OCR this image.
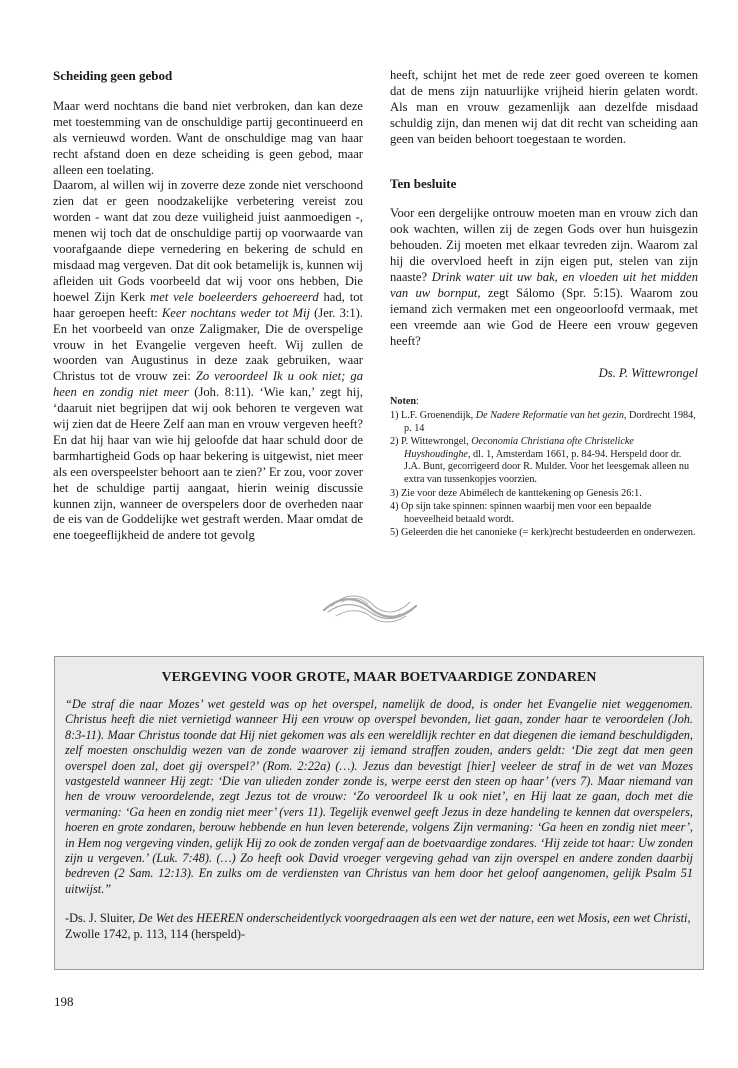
Scheiding geen gebod

Maar werd nochtans die band niet verbroken, dan kan deze met toestemming van de onschuldige partij gecontinueerd en als vernieuwd worden. Want de onschuldige mag van haar recht afstand doen en deze scheiding is geen gebod, maar alleen een toelating.

Daarom, al willen wij in zoverre deze zonde niet verschoond zien dat er geen noodzakelijke verbetering vereist zou worden - want dat zou deze vuiligheid juist aanmoedigen -, menen wij toch dat de onschuldige partij op voorwaarde van voorafgaande diepe vernedering en bekering de schuld en misdaad mag vergeven. Dat dit ook betamelijk is, kunnen wij afleiden uit Gods voorbeeld dat wij voor ons hebben, Die hoewel Zijn Kerk met vele boeleerders gehoereerd had, tot haar geroepen heeft: Keer nochtans weder tot Mij (Jer. 3:1). En het voorbeeld van onze Zaligmaker, Die de overspelige vrouw in het Evangelie vergeven heeft. Wij zullen de woorden van Augustinus in deze zaak gebruiken, waar Christus tot de vrouw zei: Zo veroordeel Ik u ook niet; ga heen en zondig niet meer (Joh. 8:11). ‘Wie kan,’ zegt hij, ‘daaruit niet begrijpen dat wij ook behoren te vergeven wat wij zien dat de Heere Zelf aan man en vrouw vergeven heeft? En dat hij haar van wie hij geloofde dat haar schuld door de barmhartigheid Gods op haar bekering is uitgewist, niet meer als een overspeelster behoort aan te zien?’ Er zou, voor zover het de schuldige partij aangaat, hierin weinig discussie kunnen zijn, wanneer de overspelers door de overheden naar de eis van de Goddelijke wet gestraft werden. Maar omdat de ene toegeeflijkheid de andere tot gevolg

heeft, schijnt het met de rede zeer goed overeen te komen dat de mens zijn natuurlijke vrijheid hierin gelaten wordt. Als man en vrouw gezamenlijk aan dezelfde misdaad schuldig zijn, dan menen wij dat dit recht van scheiding aan geen van beiden behoort toegestaan te worden.

Ten besluite

Voor een dergelijke ontrouw moeten man en vrouw zich dan ook wachten, willen zij de zegen Gods over hun huisgezin behouden. Zij moeten met elkaar tevreden zijn. Waarom zal hij die overvloed heeft in zijn eigen put, stelen van zijn naaste? Drink water uit uw bak, en vloeden uit het midden van uw bornput, zegt Sálomo (Spr. 5:15). Waarom zou iemand zich vermaken met een ongeoorloofd vermaak, met een vreemde aan wie God de Heere een vrouw gegeven heeft?

Ds. P. Wittewrongel

Noten:

1) L.F. Groenendijk, De Nadere Reformatie van het gezin, Dordrecht 1984, p. 14
2) P. Wittewrongel, Oeconomia Christiana ofte Christelicke Huyshoudinghe, dl. 1, Amsterdam 1661, p. 84-94. Herspeld door dr. J.A. Bunt, gecorrigeerd door R. Mulder. Voor het leesgemak alleen nu extra van tussenkopjes voorzien.
3) Zie voor deze Abimélech de kanttekening op Genesis 26:1.
4) Op sijn take spinnen: spinnen waarbij men voor een bepaalde hoeveelheid betaald wordt.
5) Geleerden die het canonieke (= kerk)recht bestudeerden en onderwezen.
VERGEVING VOOR GROTE, MAAR BOETVAARDIGE ZONDAREN

“De straf die naar Mozes’ wet gesteld was op het overspel, namelijk de dood, is onder het Evangelie niet weggenomen. Christus heeft die niet vernietigd wanneer Hij een vrouw op overspel bevonden, liet gaan, zonder haar te veroordelen (Joh. 8:3-11). Maar Christus toonde dat Hij niet gekomen was als een wereldlijk rechter en dat diegenen die iemand beschuldigden, zelf moesten onschuldig wezen van de zonde waarover zij iemand straffen zouden, anders geldt: ‘Die zegt dat men geen overspel doen zal, doet gij overspel?’ (Rom. 2:22a) (…). Jezus dan bevestigt [hier] veeleer de straf in de wet van Mozes vastgesteld wanneer Hij zegt: ‘Die van ulieden zonder zonde is, werpe eerst den steen op haar’ (vers 7). Maar niemand van hen de vrouw veroordelende, zegt Jezus tot de vrouw: ‘Zo veroordeel Ik u ook niet’, en Hij laat ze gaan, doch met die vermaning: ‘Ga heen en zondig niet meer’ (vers 11). Tegelijk evenwel geeft Jezus in deze handeling te kennen dat overspelers, hoeren en grote zondaren, berouw hebbende en hun leven beterende, volgens Zijn vermaning: ‘Ga heen en zondig niet meer’, in Hem nog vergeving vinden, gelijk Hij zo ook de zonden vergaf aan de boetvaardige zondares. ‘Hij zeide tot haar: Uw zonden zijn u vergeven.’ (Luk. 7:48). (…) Zo heeft ook David vroeger vergeving gehad van zijn overspel en andere zonden daarbij bedreven (2 Sam. 12:13). En zulks om de verdiensten van Christus van hem door het geloof aangenomen, gelijk Psalm 51 uitwijst.”

-Ds. J. Sluiter, De Wet des HEEREN onderscheidentlyck voorgedraagen als een wet der nature, een wet Mosis, een wet Christi, Zwolle 1742, p. 113, 114 (herspeld)-

198
